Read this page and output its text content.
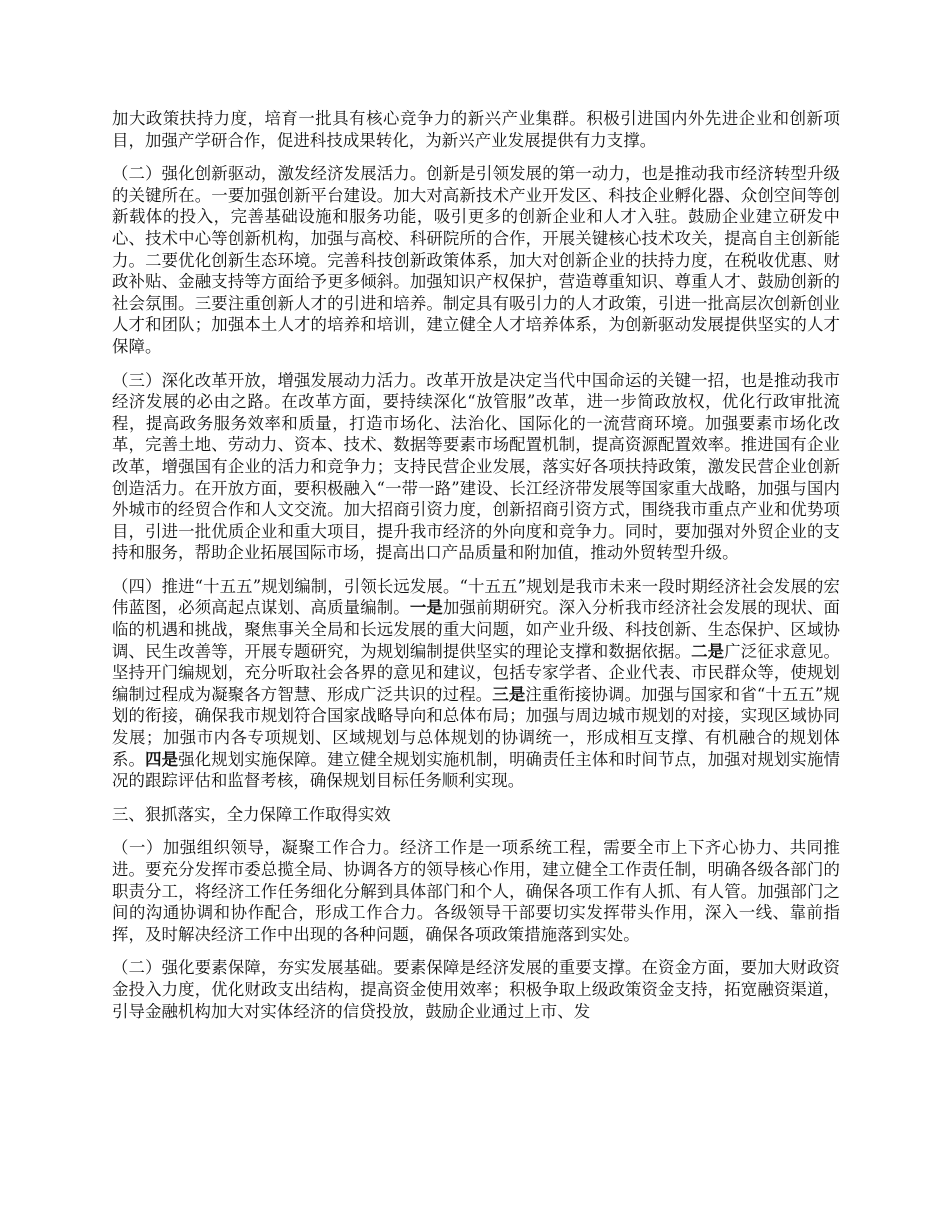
加大政策扶持力度，培育一批具有核心竞争力的新兴产业集群。积极引进国内外先进企业和创新项目，加强产学研合作，促进科技成果转化，为新兴产业发展提供有力支撑。

（二）强化创新驱动，激发经济发展活力。创新是引领发展的第一动力，也是推动我市经济转型升级的关键所在。一要加强创新平台建设。加大对高新技术产业开发区、科技企业孵化器、众创空间等创新载体的投入，完善基础设施和服务功能，吸引更多的创新企业和人才入驻。鼓励企业建立研发中心、技术中心等创新机构，加强与高校、科研院所的合作，开展关键核心技术攻关，提高自主创新能力。二要优化创新生态环境。完善科技创新政策体系，加大对创新企业的扶持力度，在税收优惠、财政补贴、金融支持等方面给予更多倾斜。加强知识产权保护，营造尊重知识、尊重人才、鼓励创新的社会氛围。三要注重创新人才的引进和培养。制定具有吸引力的人才政策，引进一批高层次创新创业人才和团队；加强本土人才的培养和培训，建立健全人才培养体系，为创新驱动发展提供坚实的人才保障。

（三）深化改革开放，增强发展动力活力。改革开放是决定当代中国命运的关键一招，也是推动我市经济发展的必由之路。在改革方面，要持续深化“放管服”改革，进一步简政放权，优化行政审批流程，提高政务服务效率和质量，打造市场化、法治化、国际化的一流营商环境。加强要素市场化改革，完善土地、劳动力、资本、技术、数据等要素市场配置机制，提高资源配置效率。推进国有企业改革，增强国有企业的活力和竞争力；支持民营企业发展，落实好各项扶持政策，激发民营企业创新创造活力。在开放方面，要积极融入“一带一路”建设、长江经济带发展等国家重大战略，加强与国内外城市的经贸合作和人文交流。加大招商引资力度，创新招商引资方式，围绕我市重点产业和优势项目，引进一批优质企业和重大项目，提升我市经济的外向度和竞争力。同时，要加强对外贸企业的支持和服务，帮助企业拓展国际市场，提高出口产品质量和附加值，推动外贸转型升级。

（四）推进“十五五”规划编制，引领长远发展。“十五五”规划是我市未来一段时期经济社会发展的宏伟蓝图，必须高起点谋划、高质量编制。一是加强前期研究。深入分析我市经济社会发展的现状、面临的机遇和挑战，聚焦事关全局和长远发展的重大问题，如产业升级、科技创新、生态保护、区域协调、民生改善等，开展专题研究，为规划编制提供坚实的理论支撑和数据依据。二是广泛征求意见。坚持开门编规划，充分听取社会各界的意见和建议，包括专家学者、企业代表、市民群众等，使规划编制过程成为凝聚各方智慧、形成广泛共识的过程。三是注重衔接协调。加强与国家和省“十五五”规划的衔接，确保我市规划符合国家战略导向和总体布局；加强与周边城市规划的对接，实现区域协同发展；加强市内各专项规划、区域规划与总体规划的协调统一，形成相互支撑、有机融合的规划体系。四是强化规划实施保障。建立健全规划实施机制，明确责任主体和时间节点，加强对规划实施情况的跟踪评估和监督考核，确保规划目标任务顺利实现。

三、狠抓落实，全力保障工作取得实效

（一）加强组织领导，凝聚工作合力。经济工作是一项系统工程，需要全市上下齐心协力、共同推进。要充分发挥市委总揽全局、协调各方的领导核心作用，建立健全工作责任制，明确各级各部门的职责分工，将经济工作任务细化分解到具体部门和个人，确保各项工作有人抓、有人管。加强部门之间的沟通协调和协作配合，形成工作合力。各级领导干部要切实发挥带头作用，深入一线、靠前指挥，及时解决经济工作中出现的各种问题，确保各项政策措施落到实处。

（二）强化要素保障，夯实发展基础。要素保障是经济发展的重要支撑。在资金方面，要加大财政资金投入力度，优化财政支出结构，提高资金使用效率；积极争取上级政策资金支持，拓宽融资渠道，引导金融机构加大对实体经济的信贷投放，鼓励企业通过上市、发
